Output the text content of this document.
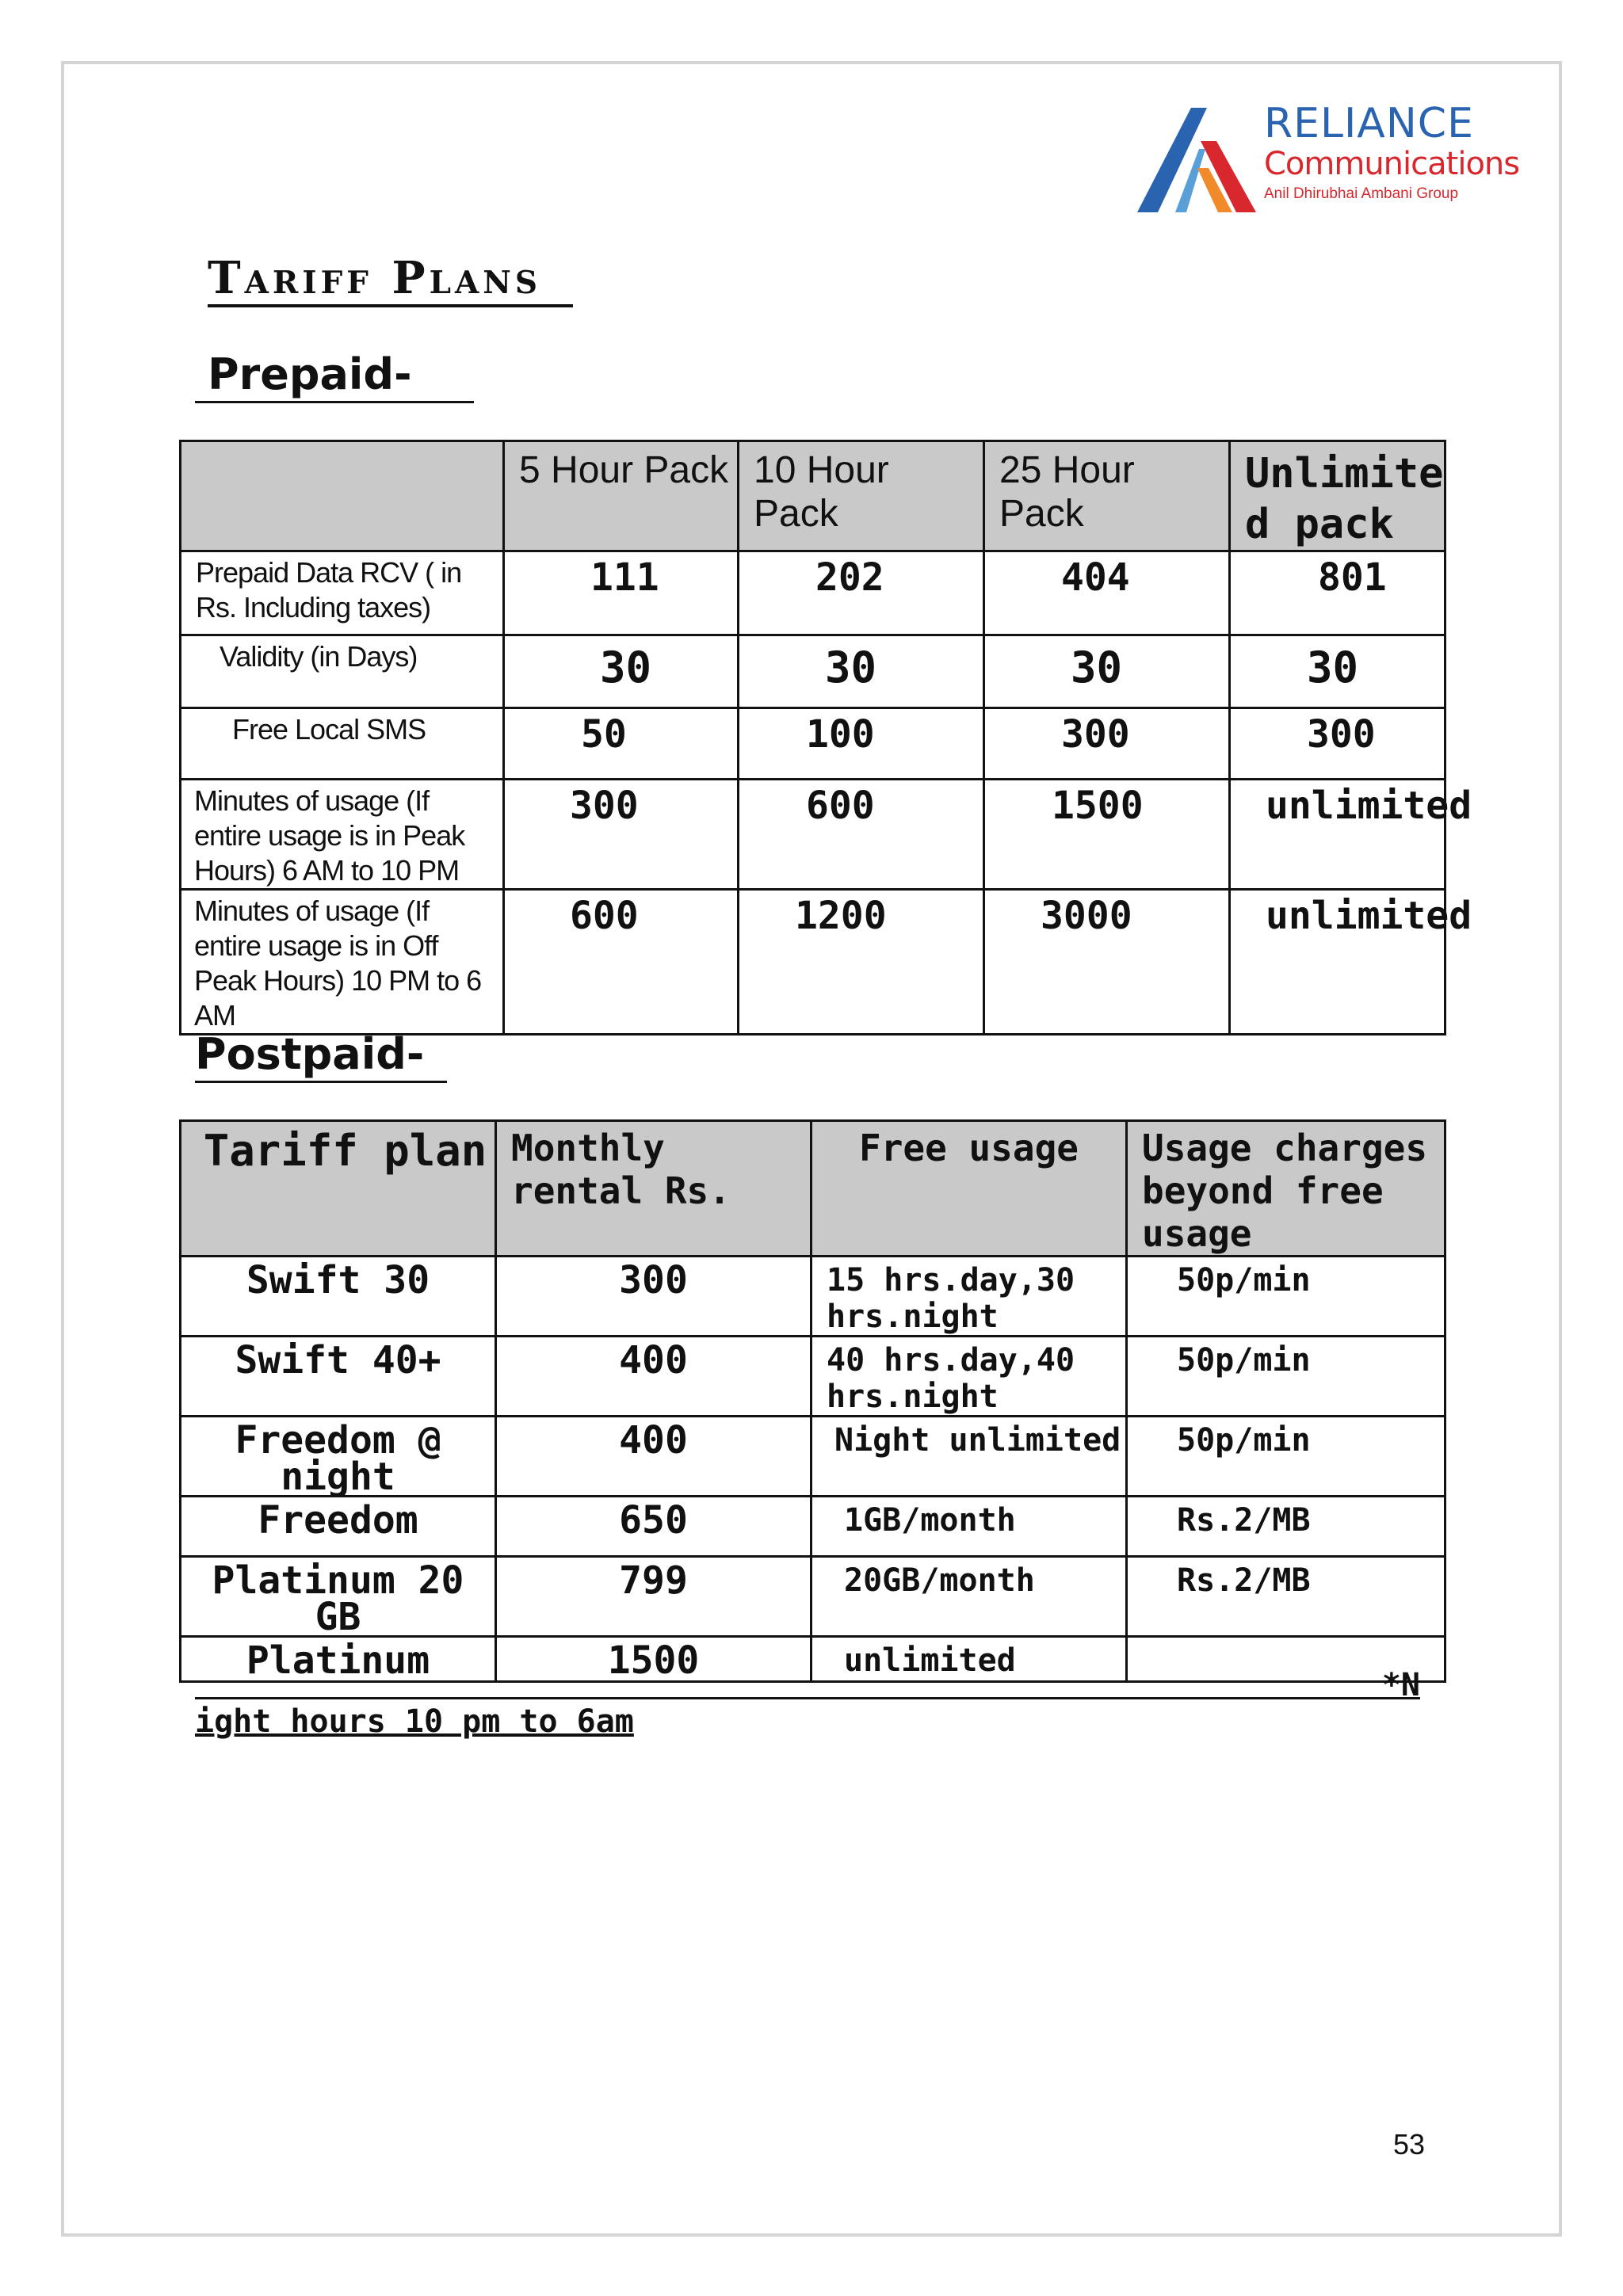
RELIANCE
Communications
Anil Dhirubhai Ambani Group
Tariff Plans
Prepaid-
	5 Hour Pack	10 Hour Pack	25 Hour Pack	Unlimite d pack
Prepaid Data RCV ( in Rs. Including taxes)	111	202	404	801
Validity (in Days)	30	30	30	30
Free Local SMS	50	100	300	300
Minutes of usage (If entire usage is in Peak Hours) 6 AM to 10 PM	300	600	1500	unlimited
Minutes of usage (If entire usage is in Off Peak Hours) 10 PM to 6 AM	600	1200	3000	unlimited
Postpaid-
Tariff plan	Monthly rental Rs.	Free usage	Usage charges beyond free usage
Swift 30	300	15 hrs.day,30 hrs.night	50p/min
Swift 40+	400	40 hrs.day,40 hrs.night	50p/min
Freedom @ night	400	Night unlimited	50p/min
Freedom	650	1GB/month	Rs.2/MB
Platinum 20 GB	799	20GB/month	Rs.2/MB
Platinum	1500	unlimited	
*N
ight hours 10 pm to 6am
53
